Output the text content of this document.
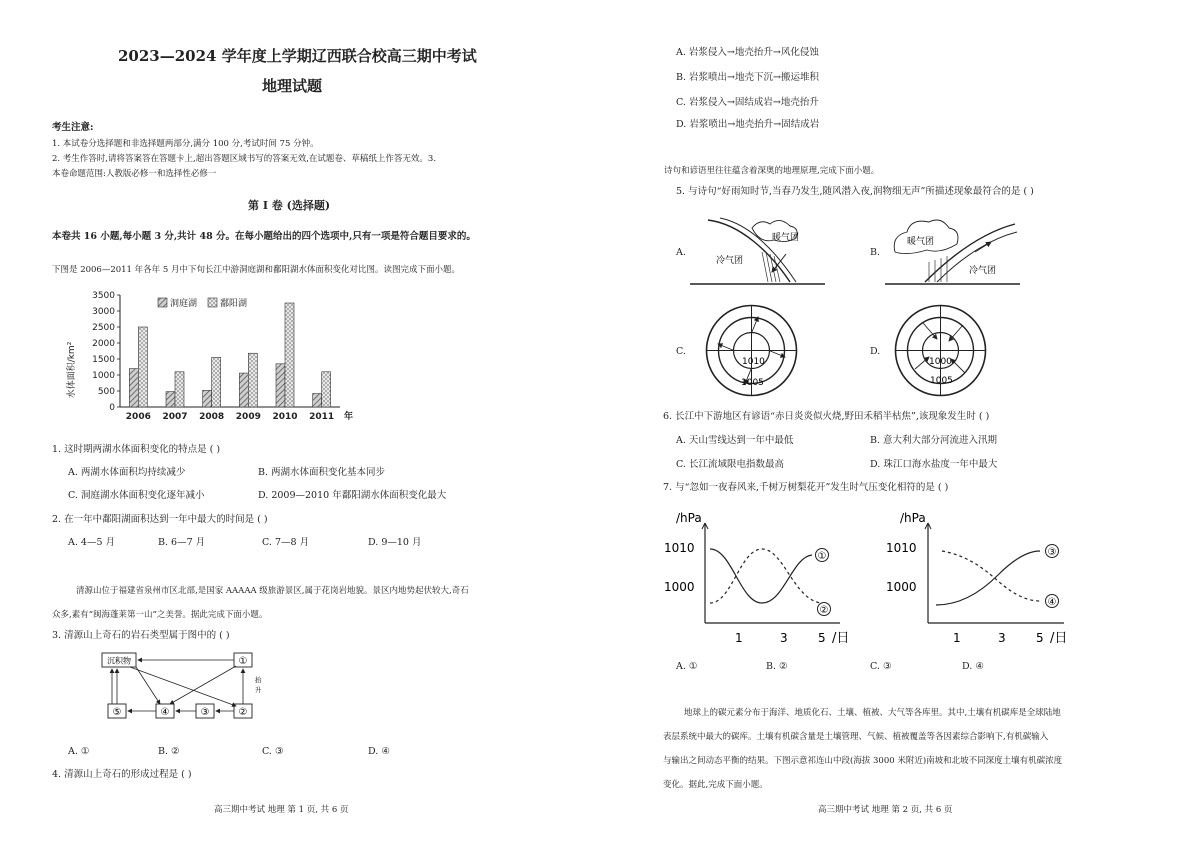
2023—2024 学年度上学期辽西联合校高三期中考试
地理试题
考生注意:
1. 本试卷分选择题和非选择题两部分,满分 100 分,考试时间 75 分钟。
2. 考生作答时,请将答案答在答题卡上,超出答题区域书写的答案无效,在试题卷、草稿纸上作答无效。3.
本卷命题范围:人教版必修一和选择性必修一
第 I 卷 (选择题)
本卷共 16 小题,每小题 3 分,共计 48 分。在每小题给出的四个选项中,只有一项是符合题目要求的。
下图是 2006—2011 年各年 5 月中下旬长江中游洞庭湖和鄱阳湖水体面积变化对比图。读图完成下面小题。
0
500
1000
1500
2000
2500
3000
3500
2006 2007 2008 2009 2010 2011 年
洞庭湖	鄱阳湖
水体面积/km²
1. 这时期两湖水体面积变化的特点是 ( )
A. 两湖水体面积均持续减少	B. 两湖水体面积变化基本同步
C. 洞庭湖水体面积变化逐年减小	D. 2009—2010 年鄱阳湖水体面积变化最大
2. 在一年中鄱阳湖面积达到一年中最大的时间是 ( )
A. 4—5 月	B. 6—7 月	C. 7—8 月	D. 9—10 月
清源山位于福建省泉州市区北部,是国家 AAAAA 级旅游景区,属于花岗岩地貌。景区内地势起伏较大,奇石
众多,素有“闽海蓬莱第一山”之美誉。据此完成下面小题。
3. 清源山上奇石的岩石类型属于图中的 ( )
沉积物	①
⑤	④	③	②
抬
升
A. ①	B. ②	C. ③	D. ④
4. 清源山上奇石的形成过程是 ( )
高三期中考试 地理 第 1 页, 共 6 页
A. 岩浆侵入→地壳抬升→风化侵蚀
B. 岩浆喷出→地壳下沉→搬运堆积
C. 岩浆侵入→固结成岩→地壳抬升
D. 岩浆喷出→地壳抬升→固结成岩
诗句和谚语里往往蕴含着深奥的地理原理,完成下面小题。
5. 与诗句“好雨知时节,当春乃发生,随风潜入夜,润物细无声”所描述现象最符合的是 ( )
A.	B.
C.	D.
暖气团
冷气团
暖气团
冷气团
1010
1005
1000
1005
6. 长江中下游地区有谚语“赤日炎炎似火烧,野田禾稻半枯焦”,该现象发生时 ( )
A. 天山雪线达到一年中最低	B. 意大利大部分河流进入汛期
C. 长江流域限电指数最高	D. 珠江口海水盐度一年中最大
7. 与“忽如一夜春风来,千树万树梨花开”发生时气压变化相符的是 ( )
/hPa
1010
1000
1	3	5 /日
①
②
/hPa
1010
1000
1	3	5 /日
③
④
A. ①	B. ②	C. ③	D. ④
地球上的碳元素分布于海洋、地质化石、土壤、植被、大气等各库里。其中,土壤有机碳库是全球陆地
表层系统中最大的碳库。土壤有机碳含量是土壤管理、气候、植被覆盖等各因素综合影响下,有机碳输入
与输出之间动态平衡的结果。下图示意祁连山中段(海拔 3000 米附近)南坡和北坡不同深度土壤有机碳浓度
变化。据此,完成下面小题。
高三期中考试 地理 第 2 页, 共 6 页
